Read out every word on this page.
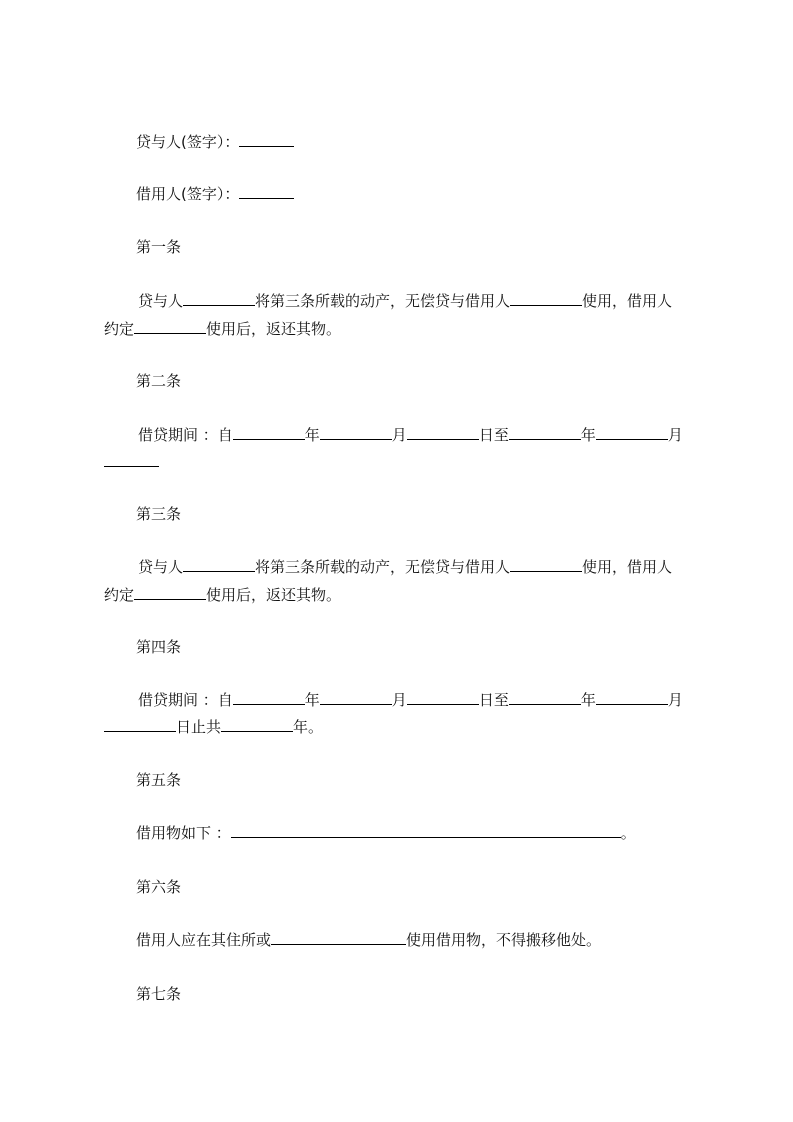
贷与人(签字）：
借用人(签字）：
第一条
贷与人	将第三条所载的动产，无偿贷与借用人	使用，借用人
约定	使用后，返还其物。
第二条
借贷期间 ：自	年	月	日至	年	月
第三条
贷与人	将第三条所载的动产，无偿贷与借用人	使用，借用人
约定	使用后，返还其物。
第四条
借贷期间 ：自	年	月	日至	年	月
日止共	年。
第五条
借用物如下 ：	。
第六条
借用人应在其住所或	使用借用物，不得搬移他处。
第七条
